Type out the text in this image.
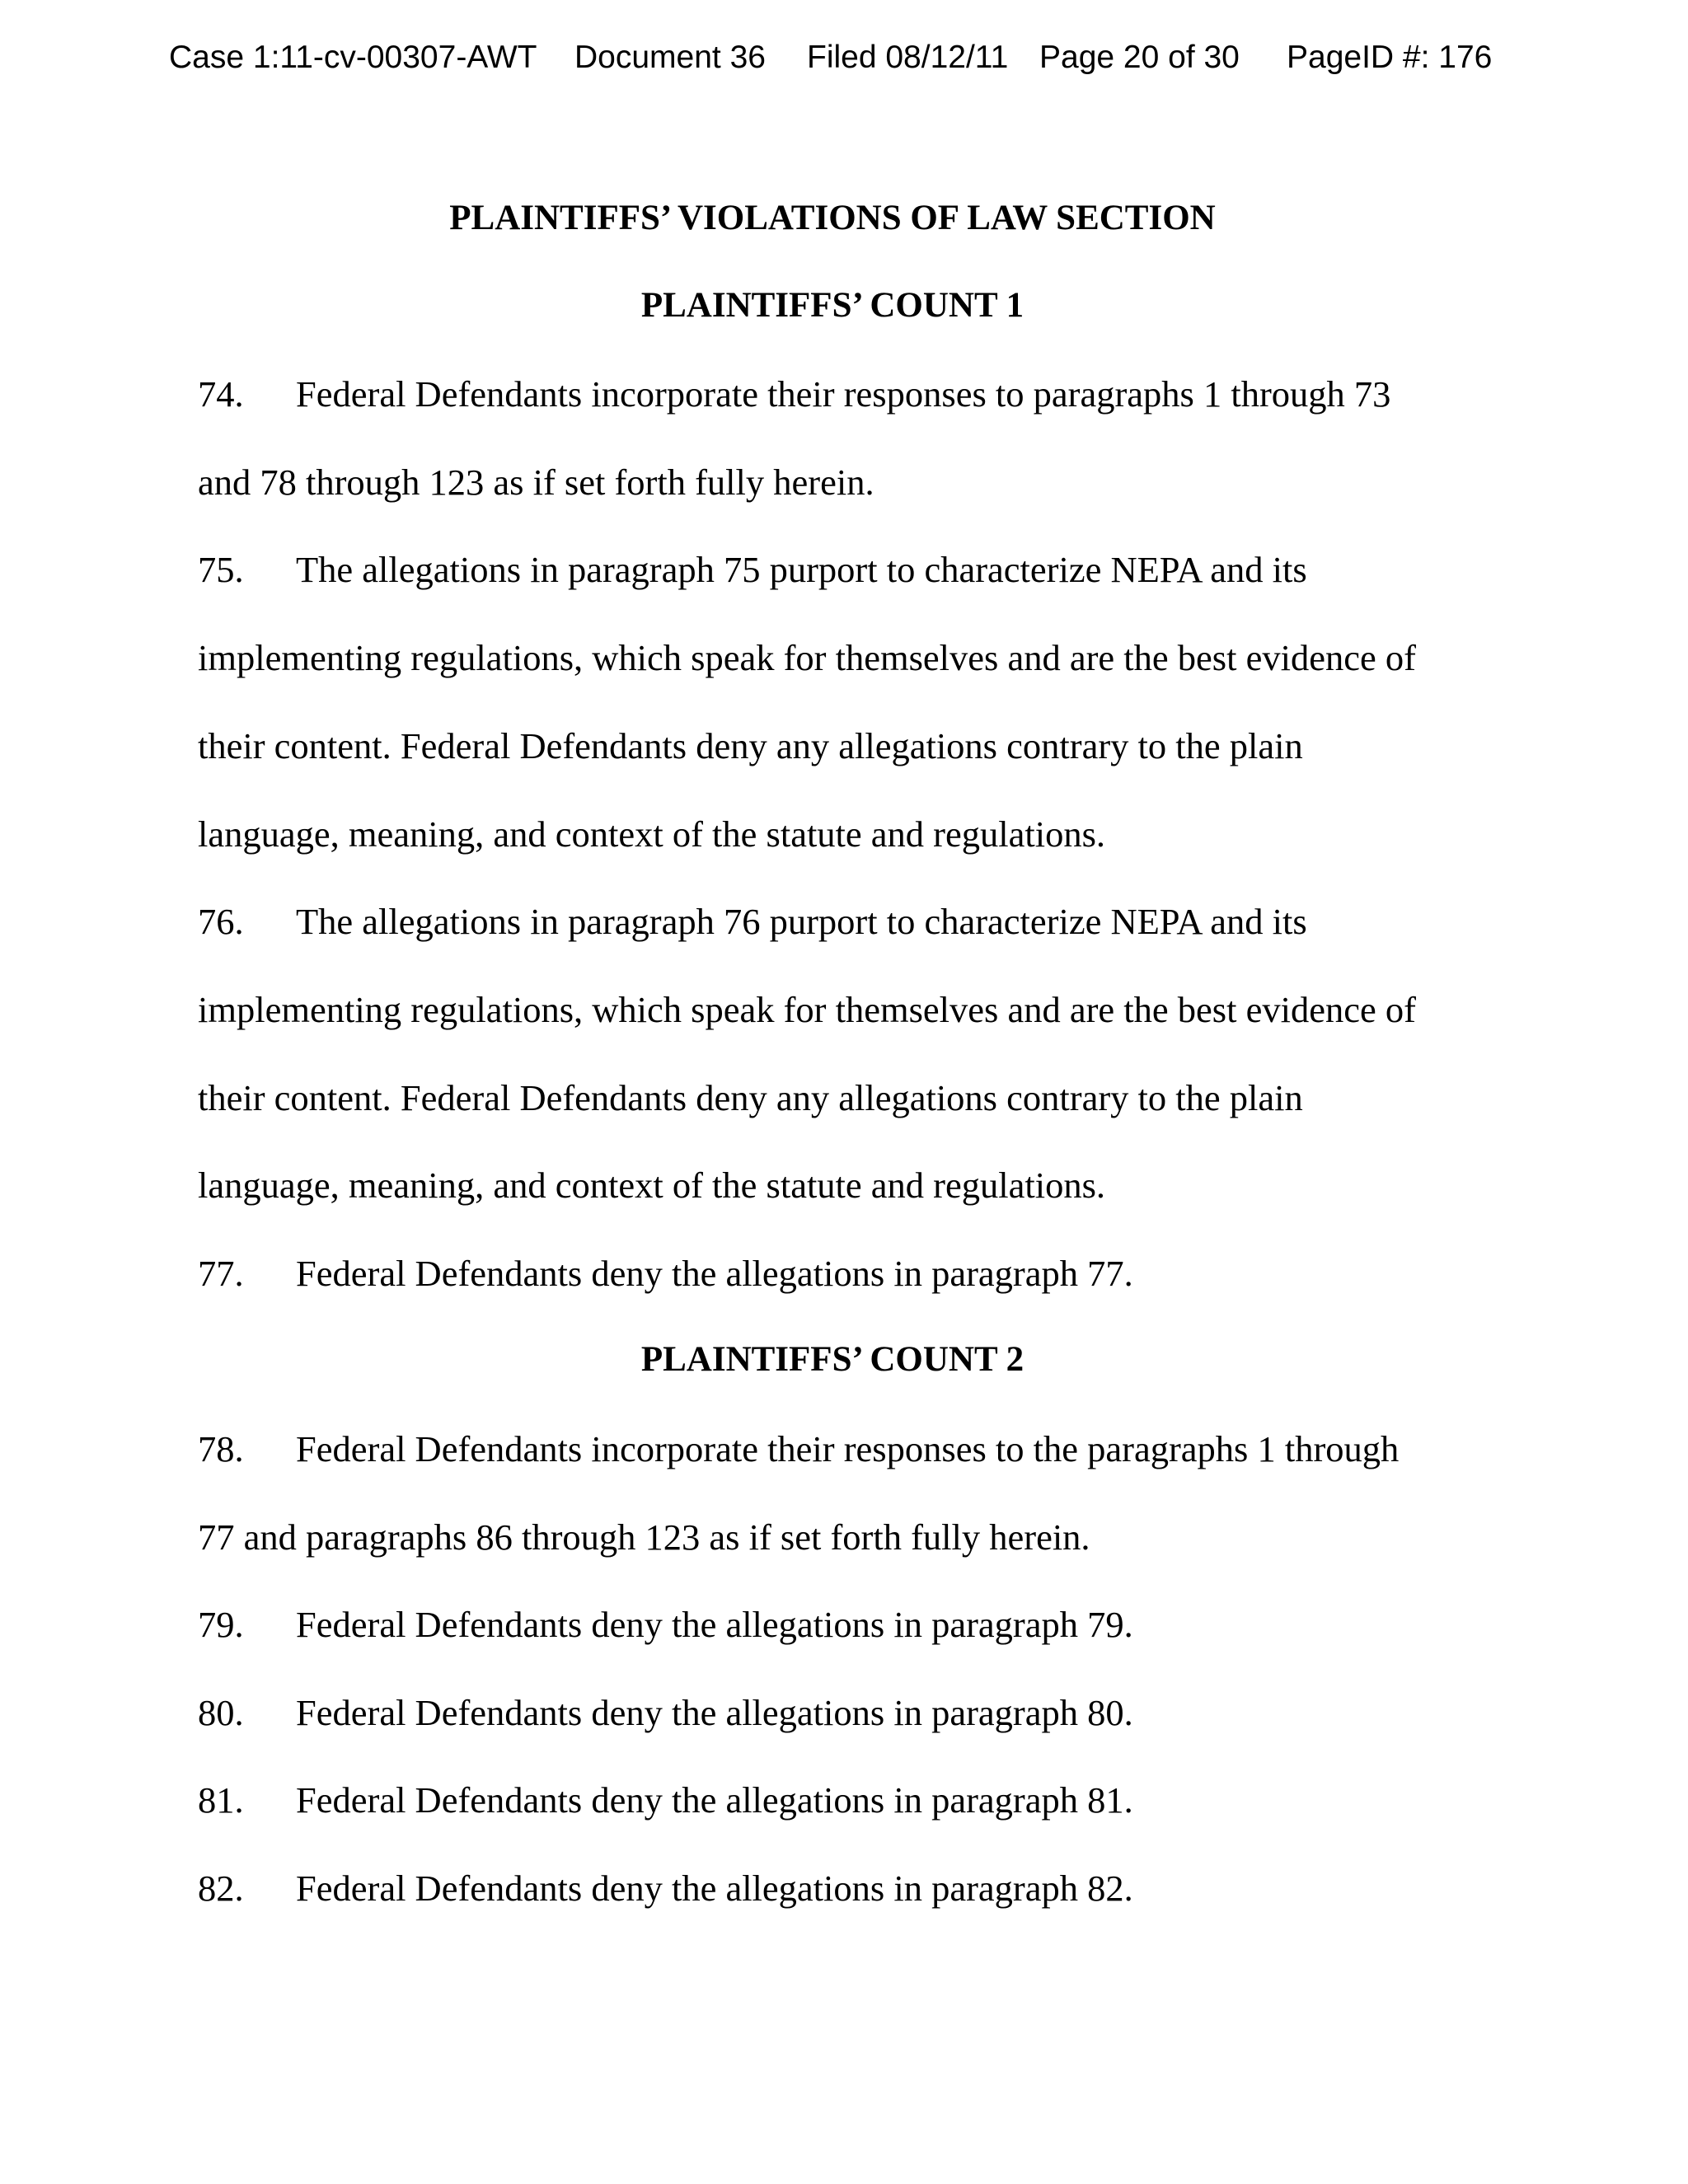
Case 1:11-cv-00307-AWT Document 36 Filed 08/12/11 Page 20 of 30 PageID #: 176
PLAINTIFFS’ VIOLATIONS OF LAW SECTION
PLAINTIFFS’ COUNT 1
74. Federal Defendants incorporate their responses to paragraphs 1 through 73
and 78 through 123 as if set forth fully herein.
75. The allegations in paragraph 75 purport to characterize NEPA and its
implementing regulations, which speak for themselves and are the best evidence of
their content. Federal Defendants deny any allegations contrary to the plain
language, meaning, and context of the statute and regulations.
76. The allegations in paragraph 76 purport to characterize NEPA and its
implementing regulations, which speak for themselves and are the best evidence of
their content. Federal Defendants deny any allegations contrary to the plain
language, meaning, and context of the statute and regulations.
77. Federal Defendants deny the allegations in paragraph 77.
PLAINTIFFS’ COUNT 2
78. Federal Defendants incorporate their responses to the paragraphs 1 through
77 and paragraphs 86 through 123 as if set forth fully herein.
79. Federal Defendants deny the allegations in paragraph 79.
80. Federal Defendants deny the allegations in paragraph 80.
81. Federal Defendants deny the allegations in paragraph 81.
82. Federal Defendants deny the allegations in paragraph 82.
